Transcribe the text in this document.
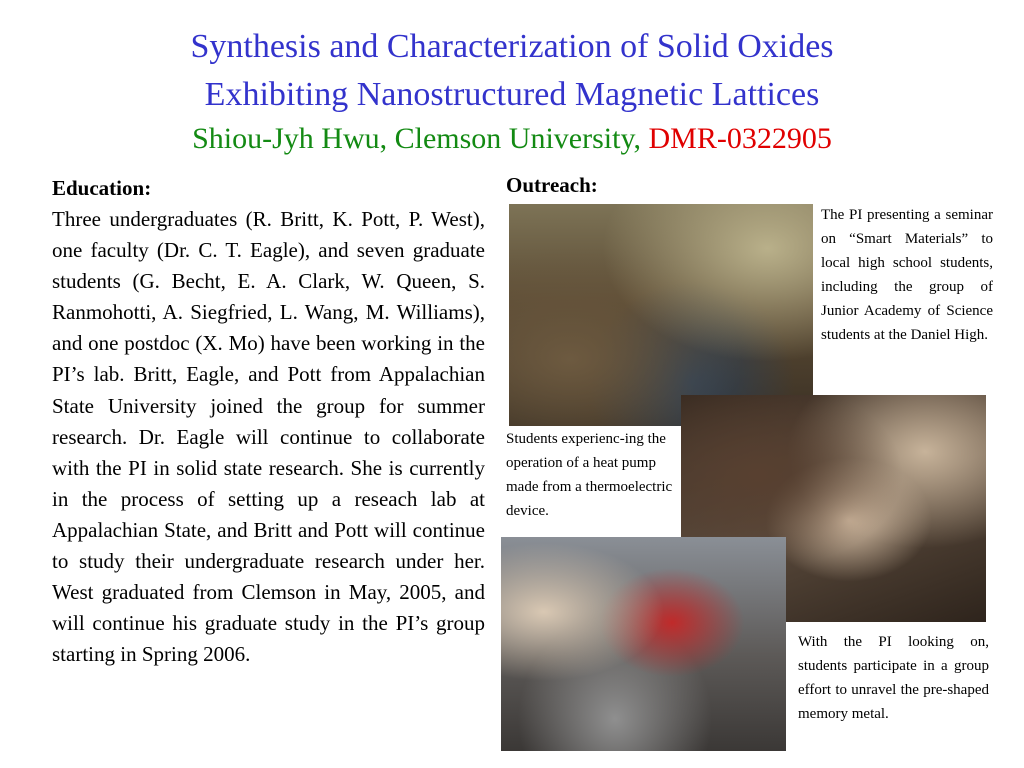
Synthesis and Characterization of Solid Oxides
Exhibiting Nanostructured Magnetic Lattices
Shiou-Jyh Hwu, Clemson University, DMR-0322905
Education:
Three undergraduates (R. Britt, K. Pott, P. West), one faculty (Dr. C. T. Eagle), and seven graduate students (G. Becht, E. A. Clark, W. Queen, S. Ranmohotti, A. Siegfried, L. Wang, M. Williams), and one postdoc (X. Mo) have been working in the PI’s lab. Britt, Eagle, and Pott from Appalachian State University joined the group for summer research. Dr. Eagle will continue to collaborate with the PI in solid state research. She is currently in the process of setting up a reseach lab at Appalachian State, and Britt and Pott will continue to study their undergraduate research under her. West graduated from Clemson in May, 2005, and will continue his graduate study in the PI’s group starting in Spring 2006.
Outreach:
The PI presenting a seminar on “Smart Materials” to local high school students, including the group of Junior Academy of Science students at the Daniel High.
Students experienc-ing the operation of a heat pump made from a thermoelectric device.
With the PI looking on, students participate in a group effort to unravel the pre-shaped memory metal.
